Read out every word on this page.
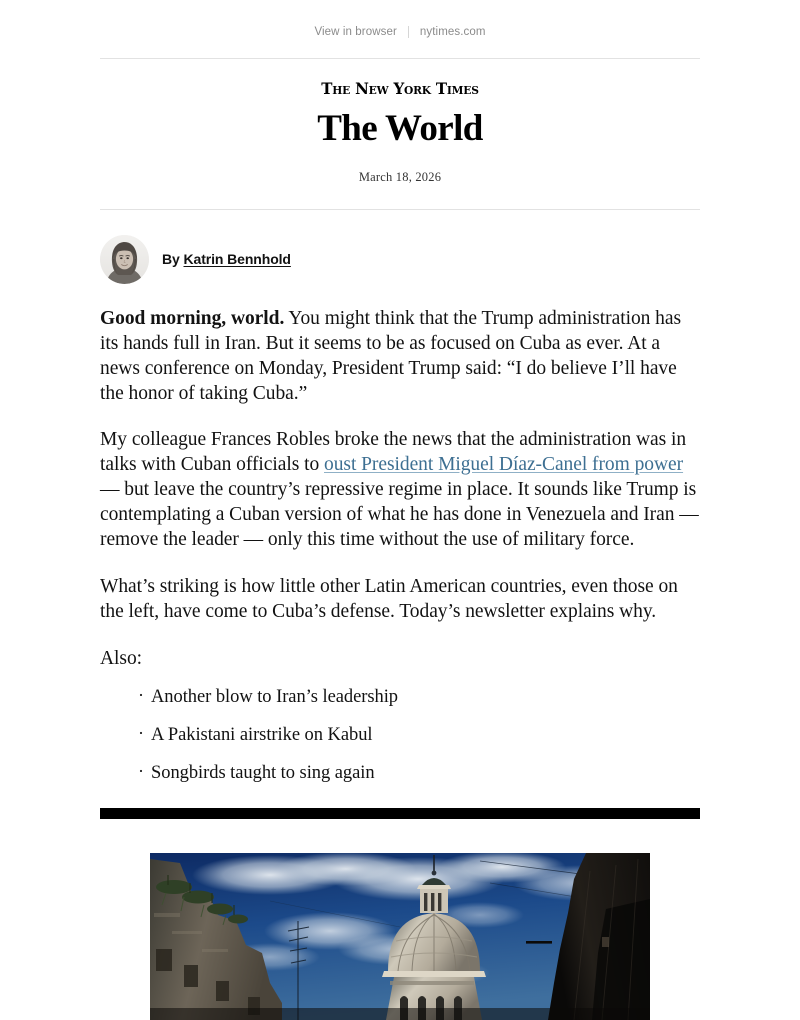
View in browser nytimes.com
The New York Times
The World
March 18, 2026
By Katrin Bennhold

Good morning, world. You might think that the Trump administration has its hands full in Iran. But it seems to be as focused on Cuba as ever. At a news conference on Monday, President Trump said: “I do believe I’ll have the honor of taking Cuba.”

My colleague Frances Robles broke the news that the administration was in talks with Cuban officials to oust President Miguel Díaz-Canel from power — but leave the country’s repressive regime in place. It sounds like Trump is contemplating a Cuban version of what he has done in Venezuela and Iran — remove the leader — only this time without the use of military force.

What’s striking is how little other Latin American countries, even those on the left, have come to Cuba’s defense. Today’s newsletter explains why.

Also:

· Another blow to Iran’s leadership
· A Pakistani airstrike on Kabul
· Songbirds taught to sing again
